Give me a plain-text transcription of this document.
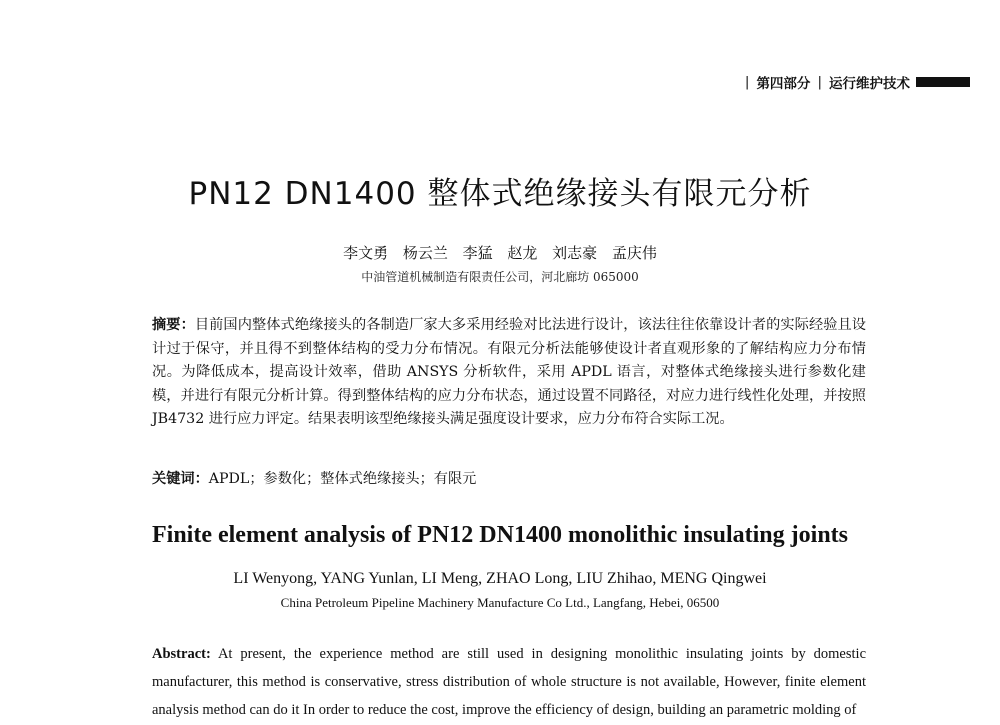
| 第四部分 | 运行维护技术
PN12 DN1400 整体式绝缘接头有限元分析
李文勇 杨云兰 李猛 赵龙 刘志豪 孟庆伟
中油管道机械制造有限责任公司，河北廊坊 065000

摘要：目前国内整体式绝缘接头的各制造厂家大多采用经验对比法进行设计，该法往往依靠设计者的实际经验且设计过于保守，并且得不到整体结构的受力分布情况。有限元分析法能够使设计者直观形象的了解结构应力分布情况。为降低成本，提高设计效率，借助 ANSYS 分析软件，采用 APDL 语言，对整体式绝缘接头进行参数化建模，并进行有限元分析计算。得到整体结构的应力分布状态，通过设置不同路径，对应力进行线性化处理，并按照 JB4732 进行应力评定。结果表明该型绝缘接头满足强度设计要求，应力分布符合实际工况。

关键词：APDL；参数化；整体式绝缘接头；有限元

Finite element analysis of PN12 DN1400 monolithic insulating joints
LI Wenyong, YANG Yunlan, LI Meng, ZHAO Long, LIU Zhihao, MENG Qingwei
China Petroleum Pipeline Machinery Manufacture Co Ltd., Langfang, Hebei, 06500

Abstract: At present, the experience method are still used in designing monolithic insulating joints by domestic manufacturer, this method is conservative, stress distribution of whole structure is not available, However, finite element analysis method can do it In order to reduce the cost, improve the efficiency of design, building an parametric molding of
